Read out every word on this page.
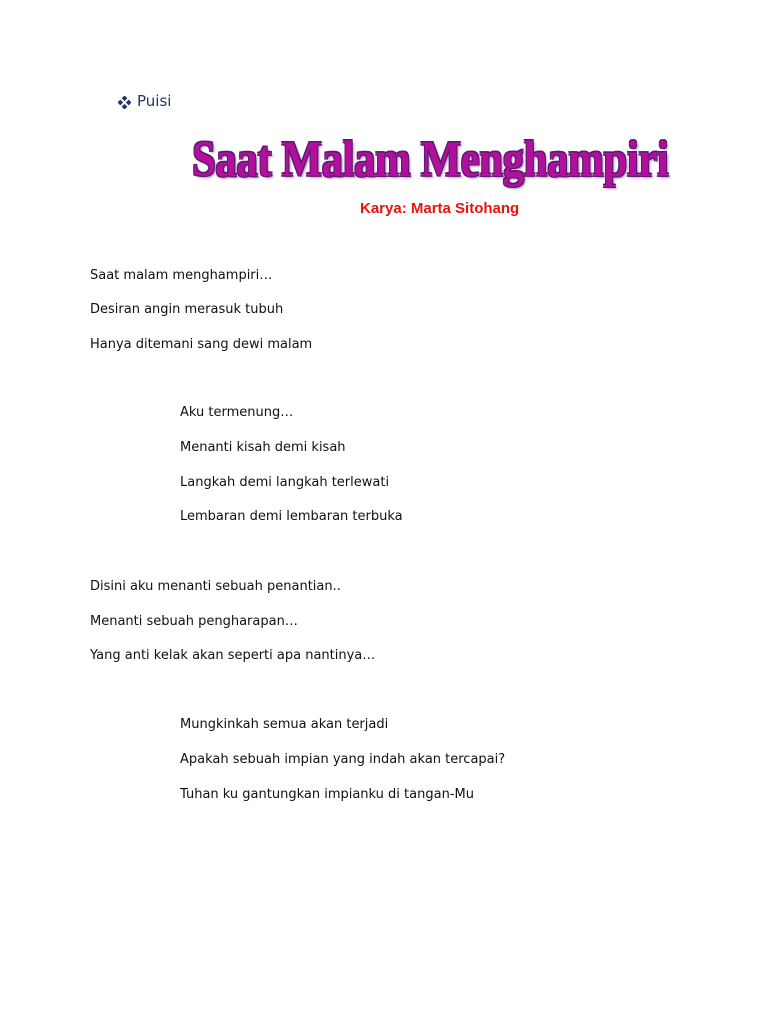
Puisi
Saat Malam Menghampiri
Karya: Marta Sitohang
Saat malam menghampiri…
Desiran angin merasuk tubuh
Hanya ditemani sang dewi malam
Aku termenung…
Menanti kisah demi kisah
Langkah demi langkah terlewati
Lembaran demi lembaran terbuka
Disini aku menanti sebuah penantian..
Menanti sebuah pengharapan…
Yang anti kelak akan seperti apa nantinya…
Mungkinkah semua akan terjadi
Apakah sebuah impian yang indah akan tercapai?
Tuhan ku gantungkan impianku di tangan-Mu
